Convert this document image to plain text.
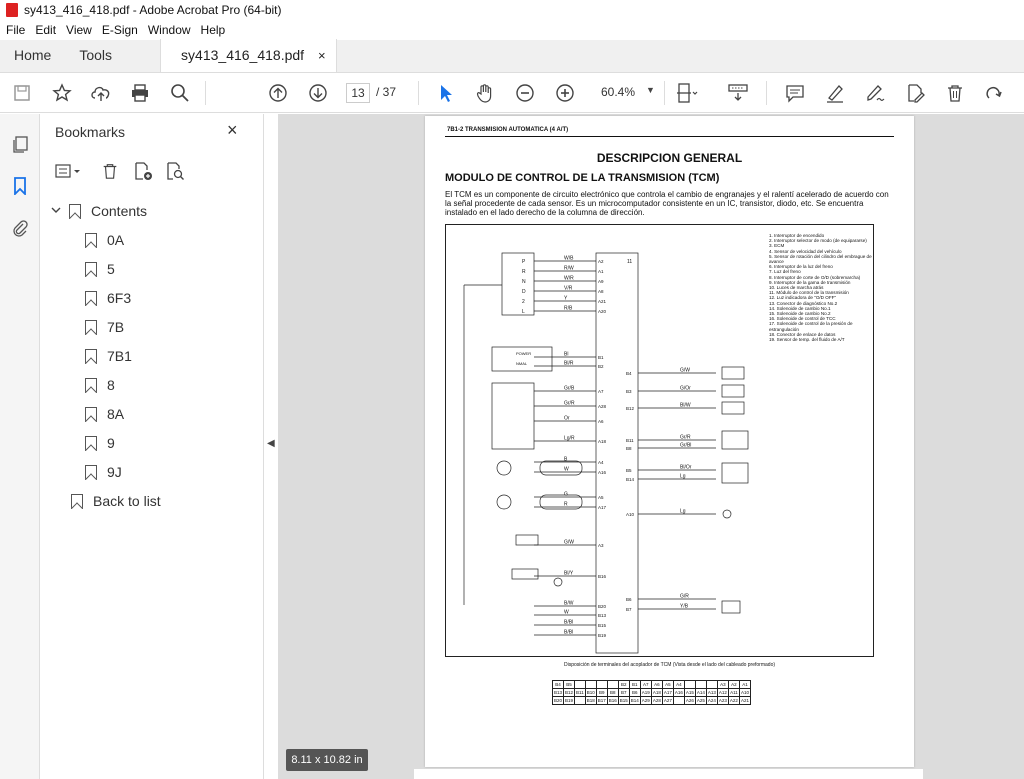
sy413_416_418.pdf - Adobe Acrobat Pro (64-bit)
File Edit View E-Sign Window Help
Home	Tools	sy413_416_418.pdf ×
13 / 37	60.4% ▼
Bookmarks	×
Contents
0A
5
6F3
7B
7B1
8
8A
9
9J
Back to list
◀
7B1-2 TRANSMISION AUTOMATICA (4 A/T)
DESCRIPCION GENERAL
MODULO DE CONTROL DE LA TRANSMISION (TCM)
El TCM es un componente de circuito electrónico que controla el cambio de engranajes y el ralentí acelerado de acuerdo con la señal procedente de cada sensor. Es un microcomputador consistente en un IC, transistor, diodo, etc. Se encuentra instalado en el lado derecho de la columna de dirección.
11
W/B	A2
R/W	A1
W/R	A9
V/R	A8
Y	A21
R/B	A20
Bl	B1
Bl/R	B2
Gr/B	A7
Gr/R	A28
Or	A6
Lg/R	A18
B	A4
W	A16
G	A5
R	A17
G/W	A3
Bl/Y	B16
B/W	B20
W	B13
B/Bl	B15
B/Bl	B19
P
R
N
D
2
L
POWER
NMAL
B4	G/W
B3	G/Or
B12	Bl/W
B11	Gr/R
B8	Gr/Bl
B5	Bl/Or
B14	Lg
A10	Lg
B6	G/R
B7	Y/B
1. Interruptor de encendido
2. Interruptor selector de modo (de equipararse)
3. ECM
4. Sensor de velocidad del vehículo
5. Sensor de rotación del cilindro del embrague de avance
6. Interruptor de la luz del freno
7. Luz del freno
8. Interruptor de corte de O/D (sobremarcha)
9. Interruptor de la gama de transmisión
10. Luces de marcha atrás
11. Módulo de control de la transmisión
12. Luz indicadora de "O/D OFF"
13. Conector de diagnóstico No.2
14. Solenoide de cambio No.1
15. Solenoide de cambio No.2
16. Solenoide de control de TCC
17. Solenoide de control de la presión de estrangulación
18. Conector de enlace de datos
19. Sensor de temp. del fluido de A/T
Disposición de terminales del acoplador de TCM (Vista desde el lado del cableado preformado)
B4	B5					B2	B1	A7	A6	A5	A4				A3	A2	A1
B13	B12	B11	B10	B9	B8	B7	B6	A19	A18	A17	A16	A15	A14	A13	A12	A11	A10
B20	B19		B18	B17	B16	B15	B14	A29	A28	A27		A26	A25	A24	A23	A22	A21
8.11 x 10.82 in
